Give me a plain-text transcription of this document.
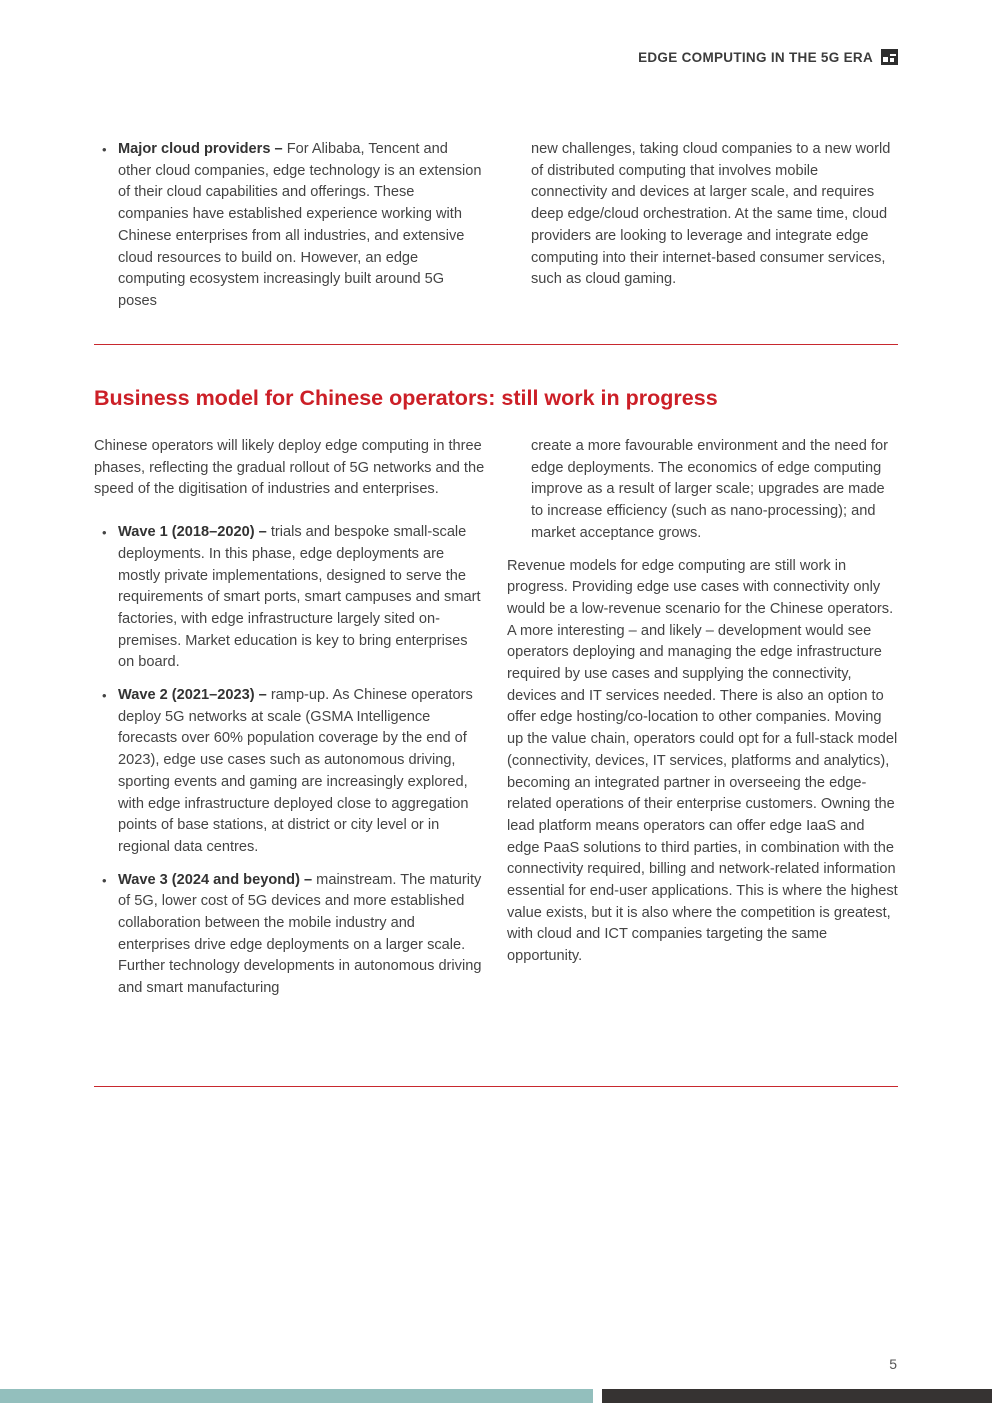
EDGE COMPUTING IN THE 5G ERA
• Major cloud providers – For Alibaba, Tencent and other cloud companies, edge technology is an extension of their cloud capabilities and offerings. These companies have established experience working with Chinese enterprises from all industries, and extensive cloud resources to build on. However, an edge computing ecosystem increasingly built around 5G poses

new challenges, taking cloud companies to a new world of distributed computing that involves mobile connectivity and devices at larger scale, and requires deep edge/cloud orchestration. At the same time, cloud providers are looking to leverage and integrate edge computing into their internet-based consumer services, such as cloud gaming.

Business model for Chinese operators: still work in progress

Chinese operators will likely deploy edge computing in three phases, reflecting the gradual rollout of 5G networks and the speed of the digitisation of industries and enterprises.

• Wave 1 (2018–2020) – trials and bespoke small-scale deployments. In this phase, edge deployments are mostly private implementations, designed to serve the requirements of smart ports, smart campuses and smart factories, with edge infrastructure largely sited on-premises. Market education is key to bring enterprises on board.
• Wave 2 (2021–2023) – ramp-up. As Chinese operators deploy 5G networks at scale (GSMA Intelligence forecasts over 60% population coverage by the end of 2023), edge use cases such as autonomous driving, sporting events and gaming are increasingly explored, with edge infrastructure deployed close to aggregation points of base stations, at district or city level or in regional data centres.
• Wave 3 (2024 and beyond) – mainstream. The maturity of 5G, lower cost of 5G devices and more established collaboration between the mobile industry and enterprises drive edge deployments on a larger scale. Further technology developments in autonomous driving and smart manufacturing

create a more favourable environment and the need for edge deployments. The economics of edge computing improve as a result of larger scale; upgrades are made to increase efficiency (such as nano-processing); and market acceptance grows.

Revenue models for edge computing are still work in progress. Providing edge use cases with connectivity only would be a low-revenue scenario for the Chinese operators. A more interesting – and likely – development would see operators deploying and managing the edge infrastructure required by use cases and supplying the connectivity, devices and IT services needed. There is also an option to offer edge hosting/co-location to other companies. Moving up the value chain, operators could opt for a full-stack model (connectivity, devices, IT services, platforms and analytics), becoming an integrated partner in overseeing the edge-related operations of their enterprise customers. Owning the lead platform means operators can offer edge IaaS and edge PaaS solutions to third parties, in combination with the connectivity required, billing and network-related information essential for end-user applications. This is where the highest value exists, but it is also where the competition is greatest, with cloud and ICT companies targeting the same opportunity.

5
